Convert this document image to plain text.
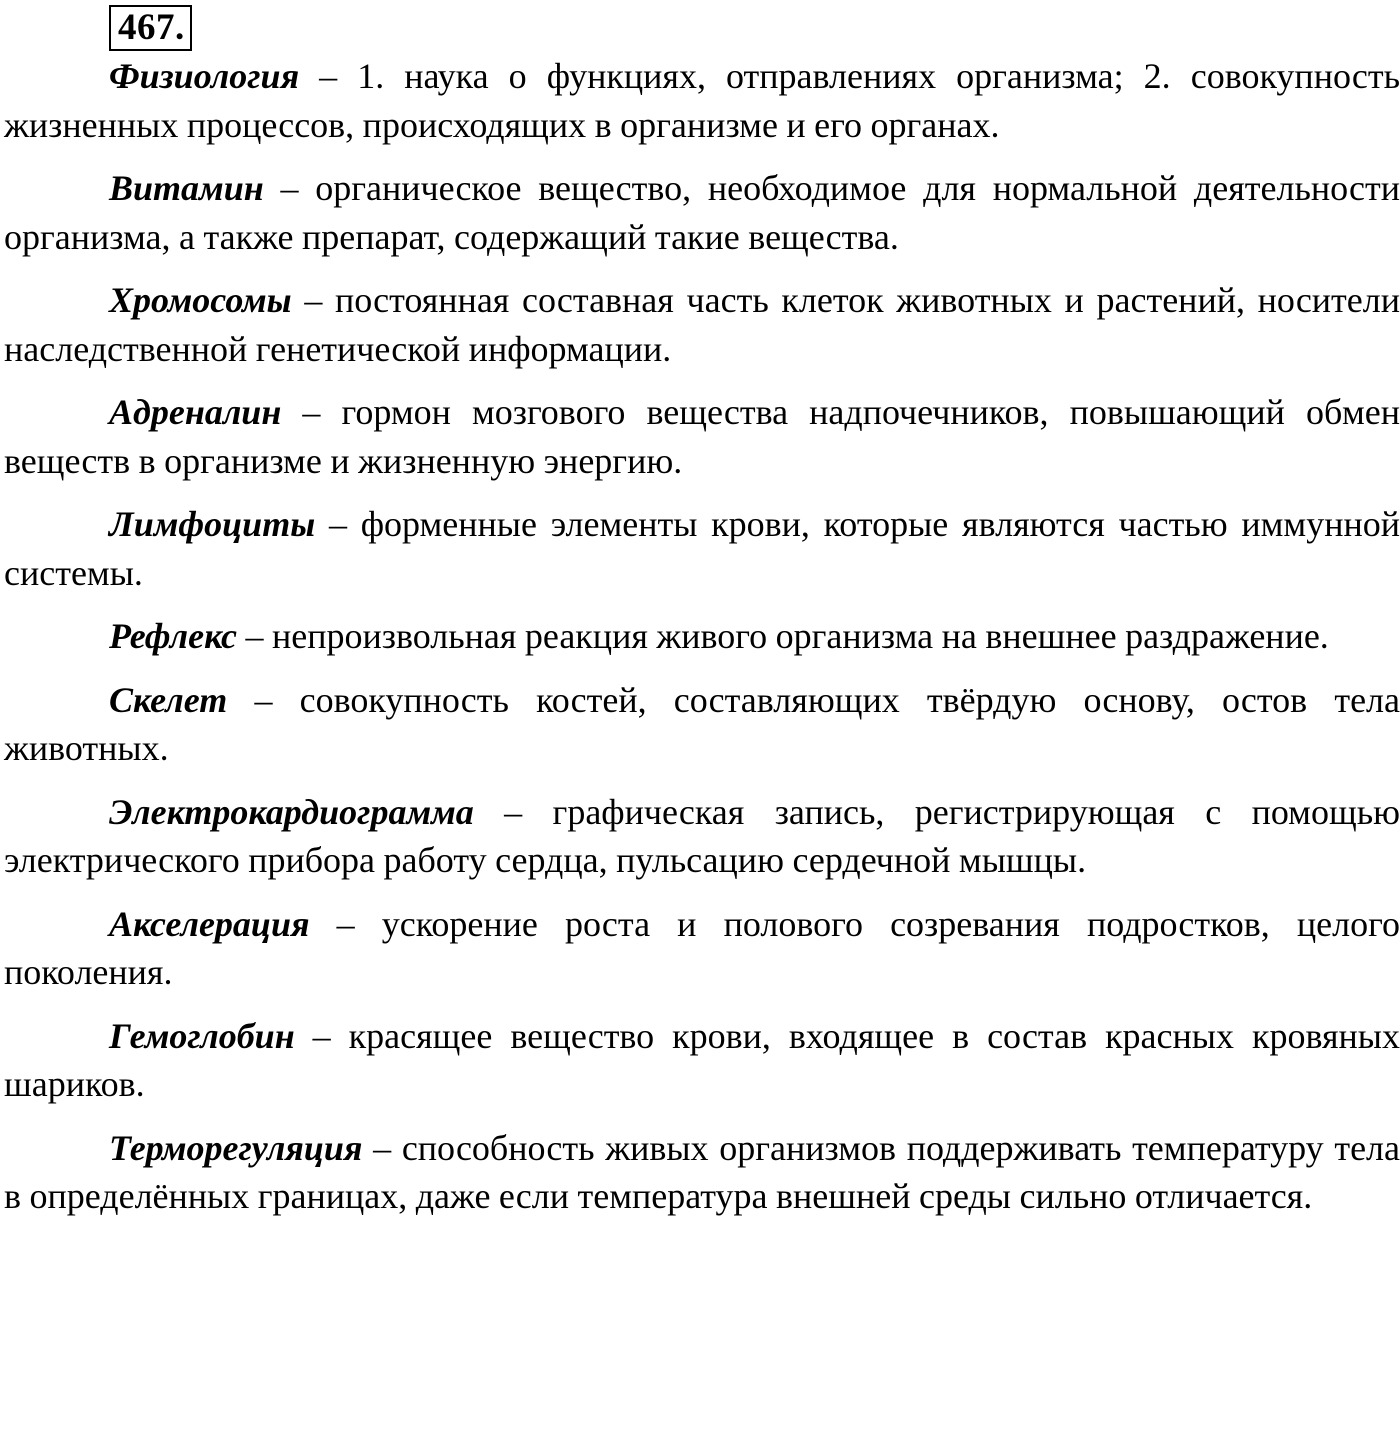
467.

Физиология – 1. наука о функциях, отправлениях организма; 2. совокупность жизненных процессов, происходящих в организме и его органах.

Витамин – органическое вещество, необходимое для нормальной деятельности организма, а также препарат, содержащий такие вещества.

Хромосомы – постоянная составная часть клеток животных и растений, носители наследственной генетической информации.

Адреналин – гормон мозгового вещества надпочечников, повышающий обмен веществ в организме и жизненную энергию.

Лимфоциты – форменные элементы крови, которые являются частью иммунной системы.

Рефлекс – непроизвольная реакция живого организма на внешнее раздражение.

Скелет – совокупность костей, составляющих твёрдую основу, остов тела животных.

Электрокардиограмма – графическая запись, регистрирующая с помощью электрического прибора работу сердца, пульсацию сердечной мышцы.

Акселерация – ускорение роста и полового созревания подростков, целого поколения.

Гемоглобин – красящее вещество крови, входящее в состав красных кровяных шариков.

Терморегуляция – способность живых организмов поддерживать температуру тела в определённых границах, даже если температура внешней среды сильно отличается.
